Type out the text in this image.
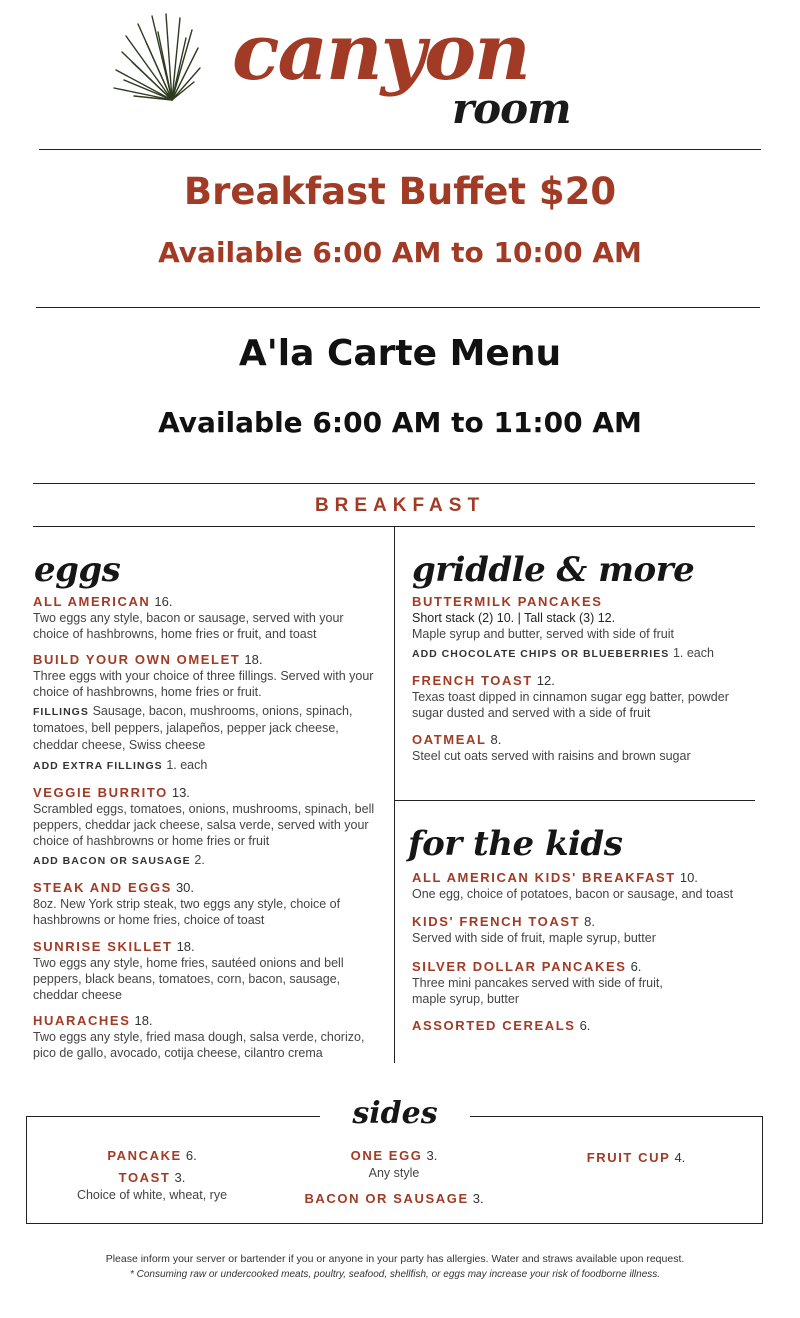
canyon
room
Breakfast Buffet $20
Available 6:00 AM to 10:00 AM
A'la Carte Menu
Available 6:00 AM to 11:00 AM
BREAKFAST
eggs
ALL AMERICAN 16.
Two eggs any style, bacon or sausage, served with your choice of hashbrowns, home fries or fruit, and toast
BUILD YOUR OWN OMELET 18.
Three eggs with your choice of three fillings. Served with your choice of hashbrowns, home fries or fruit.
FILLINGS Sausage, bacon, mushrooms, onions, spinach, tomatoes, bell peppers, jalapeños, pepper jack cheese, cheddar cheese, Swiss cheese
ADD EXTRA FILLINGS 1. each
VEGGIE BURRITO 13.
Scrambled eggs, tomatoes, onions, mushrooms, spinach, bell peppers, cheddar jack cheese, salsa verde, served with your choice of hashbrowns or home fries or fruit
ADD BACON OR SAUSAGE 2.
STEAK AND EGGS 30.
8oz. New York strip steak, two eggs any style, choice of hashbrowns or home fries, choice of toast
SUNRISE SKILLET 18.
Two eggs any style, home fries, sautéed onions and bell peppers, black beans, tomatoes, corn, bacon, sausage, cheddar cheese
HUARACHES 18.
Two eggs any style, fried masa dough, salsa verde, chorizo, pico de gallo, avocado, cotija cheese, cilantro crema
griddle & more
BUTTERMILK PANCAKES
Short stack (2) 10. | Tall stack (3) 12.
Maple syrup and butter, served with side of fruit
ADD CHOCOLATE CHIPS OR BLUEBERRIES 1. each
FRENCH TOAST 12.
Texas toast dipped in cinnamon sugar egg batter, powder sugar dusted and served with a side of fruit
OATMEAL 8.
Steel cut oats served with raisins and brown sugar
for the kids
ALL AMERICAN KIDS' BREAKFAST 10.
One egg, choice of potatoes, bacon or sausage, and toast
KIDS' FRENCH TOAST 8.
Served with side of fruit, maple syrup, butter
SILVER DOLLAR PANCAKES 6.
Three mini pancakes served with side of fruit, maple syrup, butter
ASSORTED CEREALS 6.
sides
PANCAKE 6.
TOAST 3.
Choice of white, wheat, rye
ONE EGG 3.
Any style
BACON OR SAUSAGE 3.
FRUIT CUP 4.
Please inform your server or bartender if you or anyone in your party has allergies. Water and straws available upon request.
* Consuming raw or undercooked meats, poultry, seafood, shellfish, or eggs may increase your risk of foodborne illness.
